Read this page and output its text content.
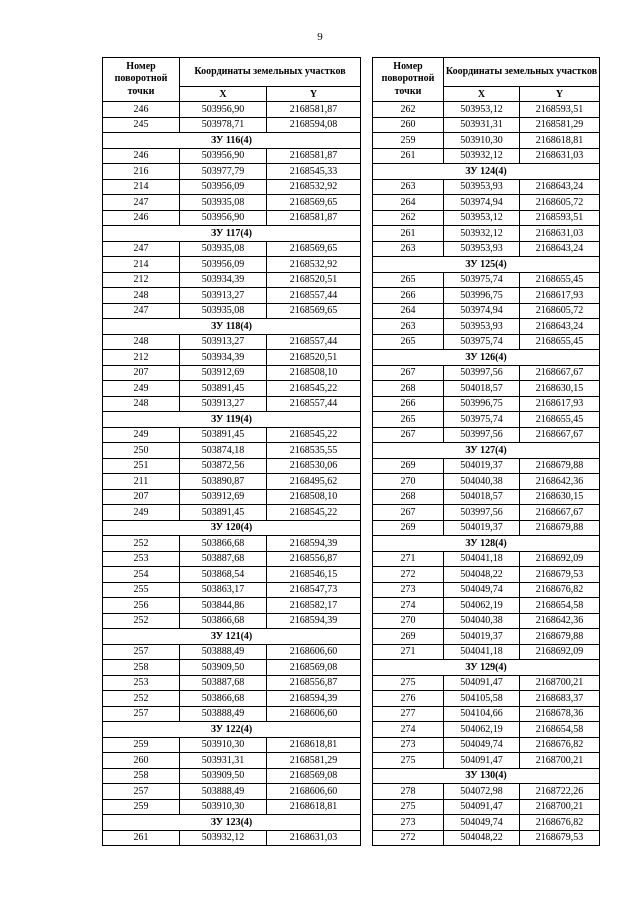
9
Номер поворотной точки	Координаты земельных участков	
	X	Y
246	503956,90	2168581,87
245	503978,71	2168594,08
ЗУ 116(4)		
246	503956,90	2168581,87
216	503977,79	2168545,33
214	503956,09	2168532,92
247	503935,08	2168569,65
246	503956,90	2168581,87
ЗУ 117(4)		
247	503935,08	2168569,65
214	503956,09	2168532,92
212	503934,39	2168520,51
248	503913,27	2168557,44
247	503935,08	2168569,65
ЗУ 118(4)		
248	503913,27	2168557,44
212	503934,39	2168520,51
207	503912,69	2168508,10
249	503891,45	2168545,22
248	503913,27	2168557,44
ЗУ 119(4)		
249	503891,45	2168545,22
250	503874,18	2168535,55
251	503872,56	2168530,06
211	503890,87	2168495,62
207	503912,69	2168508,10
249	503891,45	2168545,22
ЗУ 120(4)		
252	503866,68	2168594,39
253	503887,68	2168556,87
254	503868,54	2168546,15
255	503863,17	2168547,73
256	503844,86	2168582,17
252	503866,68	2168594,39
ЗУ 121(4)		
257	503888,49	2168606,60
258	503909,50	2168569,08
253	503887,68	2168556,87
252	503866,68	2168594,39
257	503888,49	2168606,60
ЗУ 122(4)		
259	503910,30	2168618,81
260	503931,31	2168581,29
258	503909,50	2168569,08
257	503888,49	2168606,60
259	503910,30	2168618,81
ЗУ 123(4)		
261	503932,12	2168631,03
Номер поворотной точки	Координаты земельных участков	
	X	Y
262	503953,12	2168593,51
260	503931,31	2168581,29
259	503910,30	2168618,81
261	503932,12	2168631,03
ЗУ 124(4)		
263	503953,93	2168643,24
264	503974,94	2168605,72
262	503953,12	2168593,51
261	503932,12	2168631,03
263	503953,93	2168643,24
ЗУ 125(4)		
265	503975,74	2168655,45
266	503996,75	2168617,93
264	503974,94	2168605,72
263	503953,93	2168643,24
265	503975,74	2168655,45
ЗУ 126(4)		
267	503997,56	2168667,67
268	504018,57	2168630,15
266	503996,75	2168617,93
265	503975,74	2168655,45
267	503997,56	2168667,67
ЗУ 127(4)		
269	504019,37	2168679,88
270	504040,38	2168642,36
268	504018,57	2168630,15
267	503997,56	2168667,67
269	504019,37	2168679,88
ЗУ 128(4)		
271	504041,18	2168692,09
272	504048,22	2168679,53
273	504049,74	2168676,82
274	504062,19	2168654,58
270	504040,38	2168642,36
269	504019,37	2168679,88
271	504041,18	2168692,09
ЗУ 129(4)		
275	504091,47	2168700,21
276	504105,58	2168683,37
277	504104,66	2168678,36
274	504062,19	2168654,58
273	504049,74	2168676,82
275	504091,47	2168700,21
ЗУ 130(4)		
278	504072,98	2168722,26
275	504091,47	2168700,21
273	504049,74	2168676,82
272	504048,22	2168679,53
